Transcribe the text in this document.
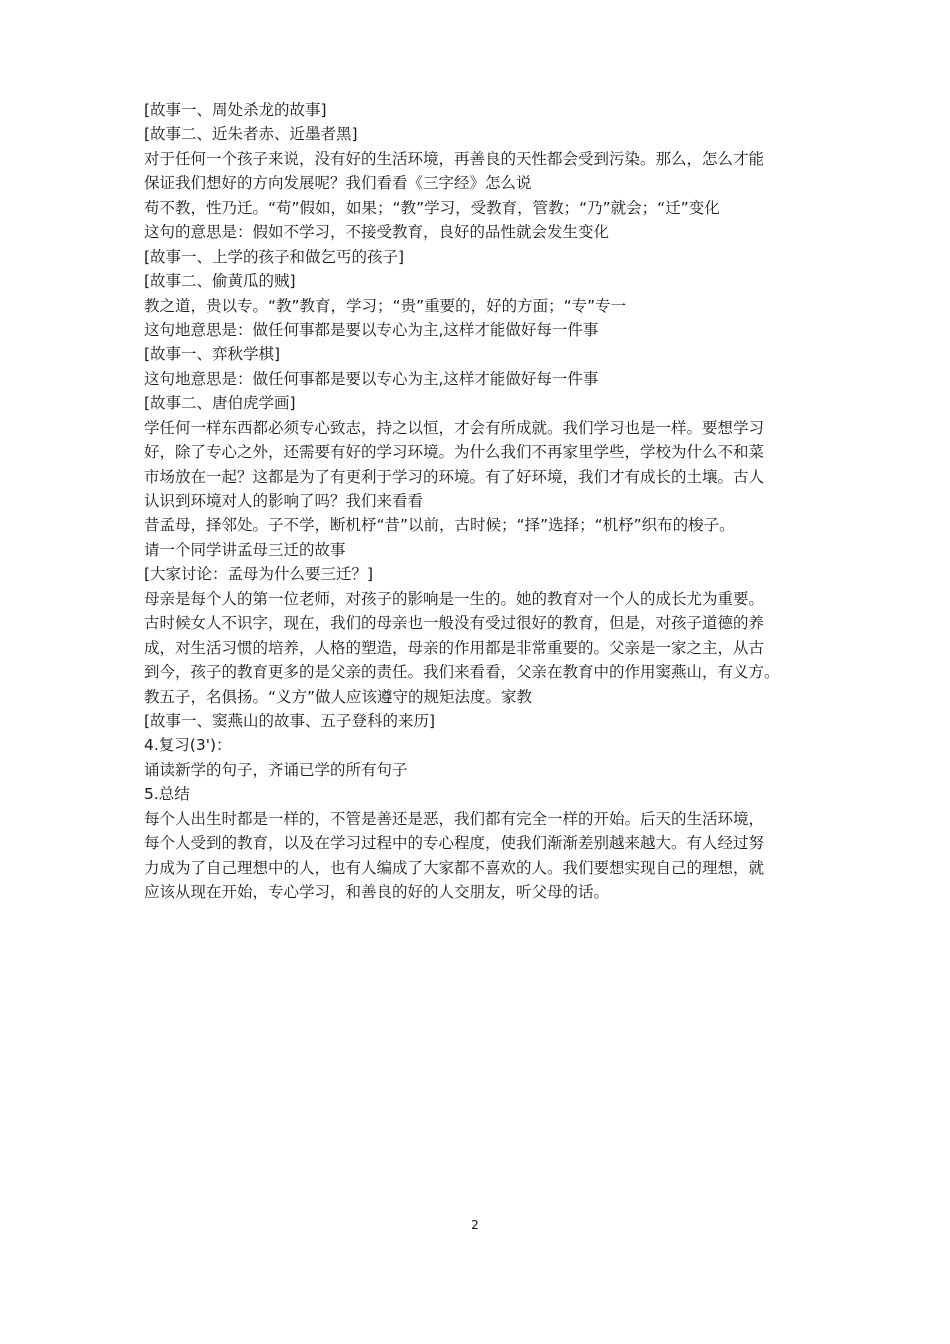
[故事一、周处杀龙的故事]
[故事二、近朱者赤、近墨者黑]
对于任何一个孩子来说，没有好的生活环境，再善良的天性都会受到污染。那么，怎么才能
保证我们想好的方向发展呢？我们看看《三字经》怎么说
苟不教，性乃迁。“苟”假如，如果；“教”学习，受教育，管教；“乃”就会；“迁”变化
这句的意思是：假如不学习，不接受教育，良好的品性就会发生变化
[故事一、上学的孩子和做乞丐的孩子]
[故事二、偷黄瓜的贼]
教之道，贵以专。“教”教育，学习；“贵”重要的，好的方面；“专”专一
这句地意思是：做任何事都是要以专心为主,这样才能做好每一件事
[故事一、弈秋学棋]
这句地意思是：做任何事都是要以专心为主,这样才能做好每一件事
[故事二、唐伯虎学画]
学任何一样东西都必须专心致志，持之以恒，才会有所成就。我们学习也是一样。要想学习
好，除了专心之外，还需要有好的学习环境。为什么我们不再家里学些，学校为什么不和菜
市场放在一起？这都是为了有更利于学习的环境。有了好环境，我们才有成长的土壤。古人
认识到环境对人的影响了吗？我们来看看
昔孟母，择邻处。子不学，断机杼“昔”以前，古时候；“择”选择；“机杼”织布的梭子。
请一个同学讲孟母三迁的故事
[大家讨论：孟母为什么要三迁？]
母亲是每个人的第一位老师，对孩子的影响是一生的。她的教育对一个人的成长尤为重要。
古时候女人不识字，现在，我们的母亲也一般没有受过很好的教育，但是，对孩子道德的养
成，对生活习惯的培养，人格的塑造，母亲的作用都是非常重要的。父亲是一家之主，从古
到今，孩子的教育更多的是父亲的责任。我们来看看，父亲在教育中的作用窦燕山，有义方。
教五子，名俱扬。“义方”做人应该遵守的规矩法度。家教
[故事一、窦燕山的故事、五子登科的来历]
4.复习(3')：
诵读新学的句子，齐诵已学的所有句子
5.总结
每个人出生时都是一样的，不管是善还是恶，我们都有完全一样的开始。后天的生活环境，
每个人受到的教育，以及在学习过程中的专心程度，使我们渐渐差别越来越大。有人经过努
力成为了自己理想中的人，也有人编成了大家都不喜欢的人。我们要想实现自己的理想，就
应该从现在开始，专心学习，和善良的好的人交朋友，听父母的话。
2
